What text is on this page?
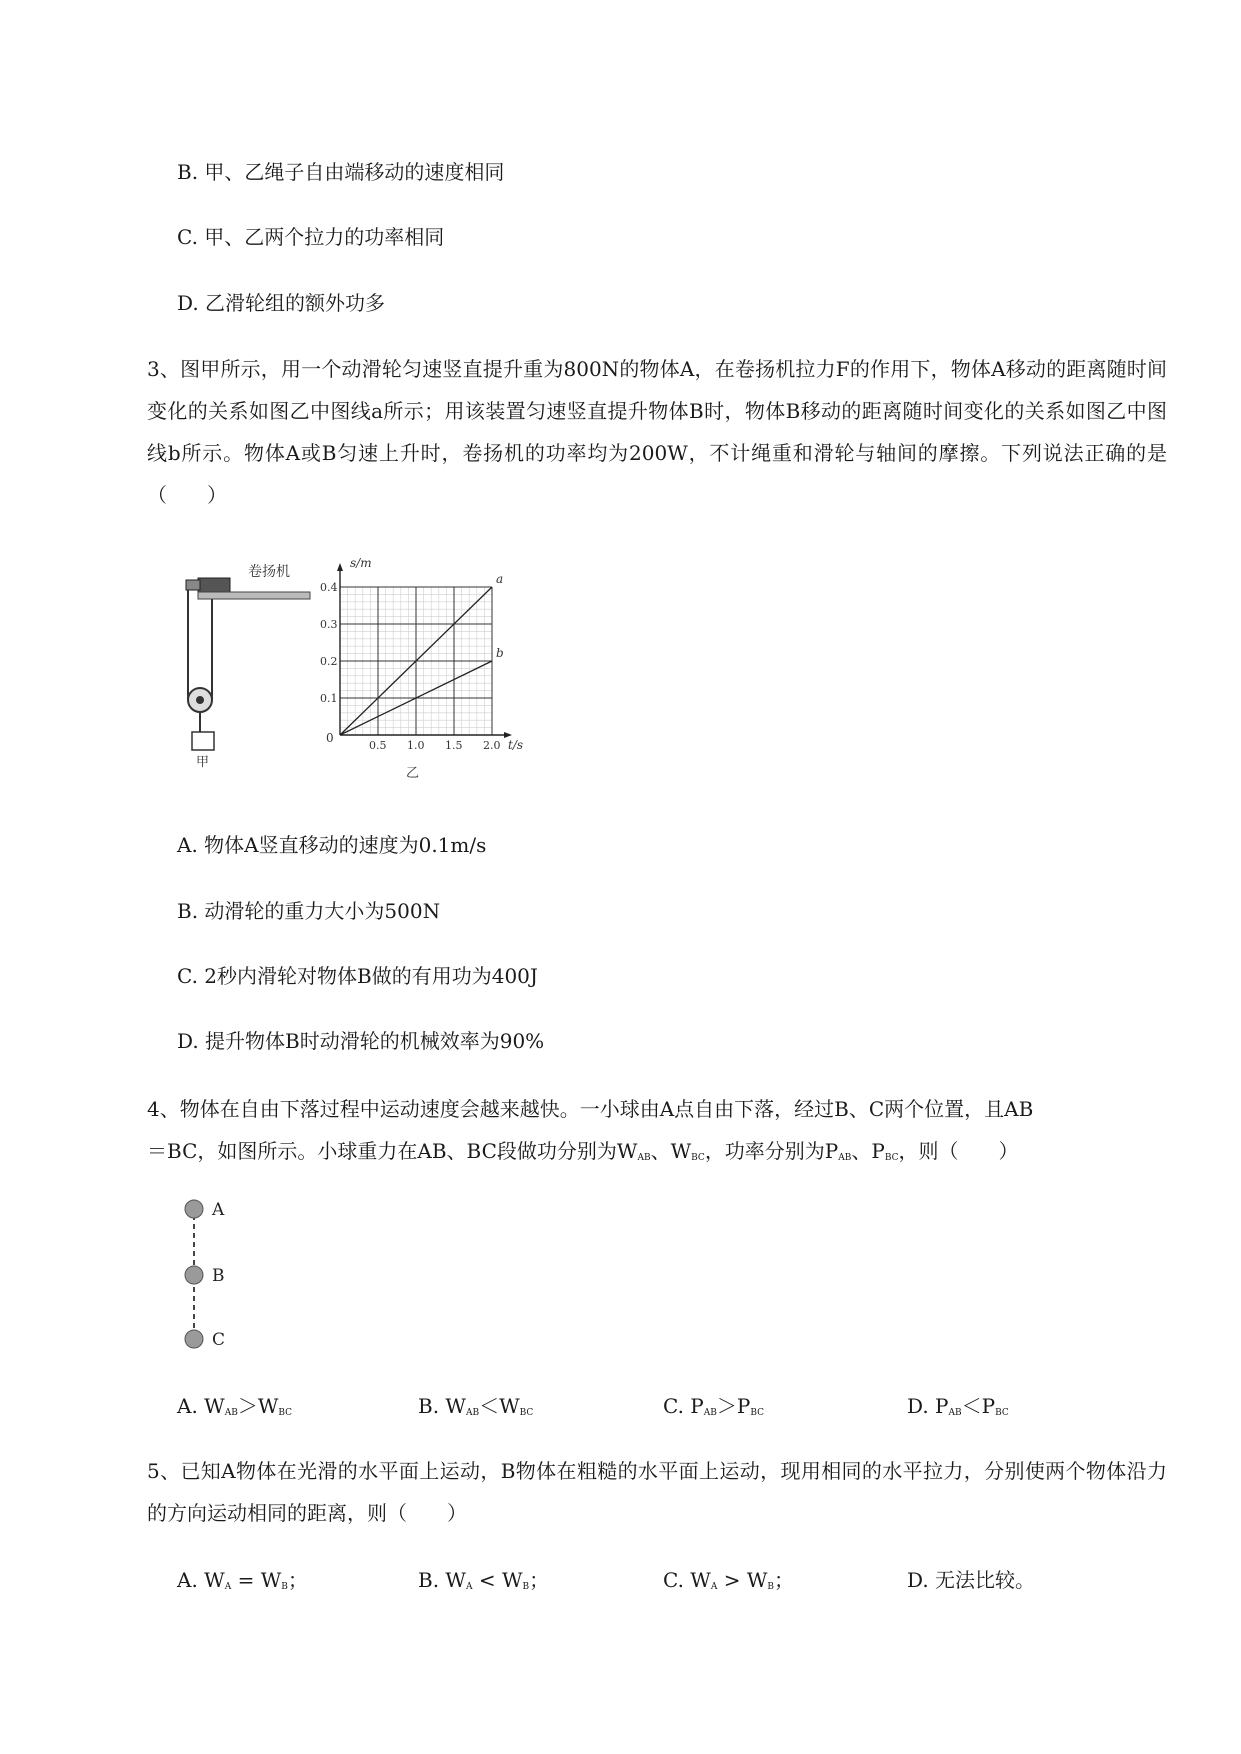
B. 甲、乙绳子自由端移动的速度相同
C. 甲、乙两个拉力的功率相同
D. 乙滑轮组的额外功多
3、图甲所示，用一个动滑轮匀速竖直提升重为800N的物体A，在卷扬机拉力F的作用下，物体A移动的距离随时间变化的关系如图乙中图线a所示；用该装置匀速竖直提升物体B时，物体B移动的距离随时间变化的关系如图乙中图线b所示。物体A或B匀速上升时，卷扬机的功率均为200W，不计绳重和滑轮与轴间的摩擦。下列说法正确的是（　　）
卷扬机
甲
0.5 1.0 1.5 2.0
0.1
0.2
0.3
0.4
a
b
s/m
t/s
0
乙
A. 物体A竖直移动的速度为0.1m/s
B. 动滑轮的重力大小为500N
C. 2秒内滑轮对物体B做的有用功为400J
D. 提升物体B时动滑轮的机械效率为90%
4、物体在自由下落过程中运动速度会越来越快。一小球由A点自由下落，经过B、C两个位置，且AB
＝BC，如图所示。小球重力在AB、BC段做功分别为$W_{AB}$、$W_{BC}$，功率分别为$P_{AB}$、$P_{BC}$，则（　　）
A
B
C
A. $W_{AB}>W_{BC}$	B. $W_{AB}<W_{BC}$	C. $P_{AB}>P_{BC}$	D. $P_{AB}<P_{BC}$
5、已知A物体在光滑的水平面上运动，B物体在粗糙的水平面上运动，现用相同的水平拉力，分别使两个物体沿力的方向运动相同的距离，则（　　）
A. $W_A = W_B$；	B. $W_A < W_B$；	C. $W_A > W_B$；	D. 无法比较。
